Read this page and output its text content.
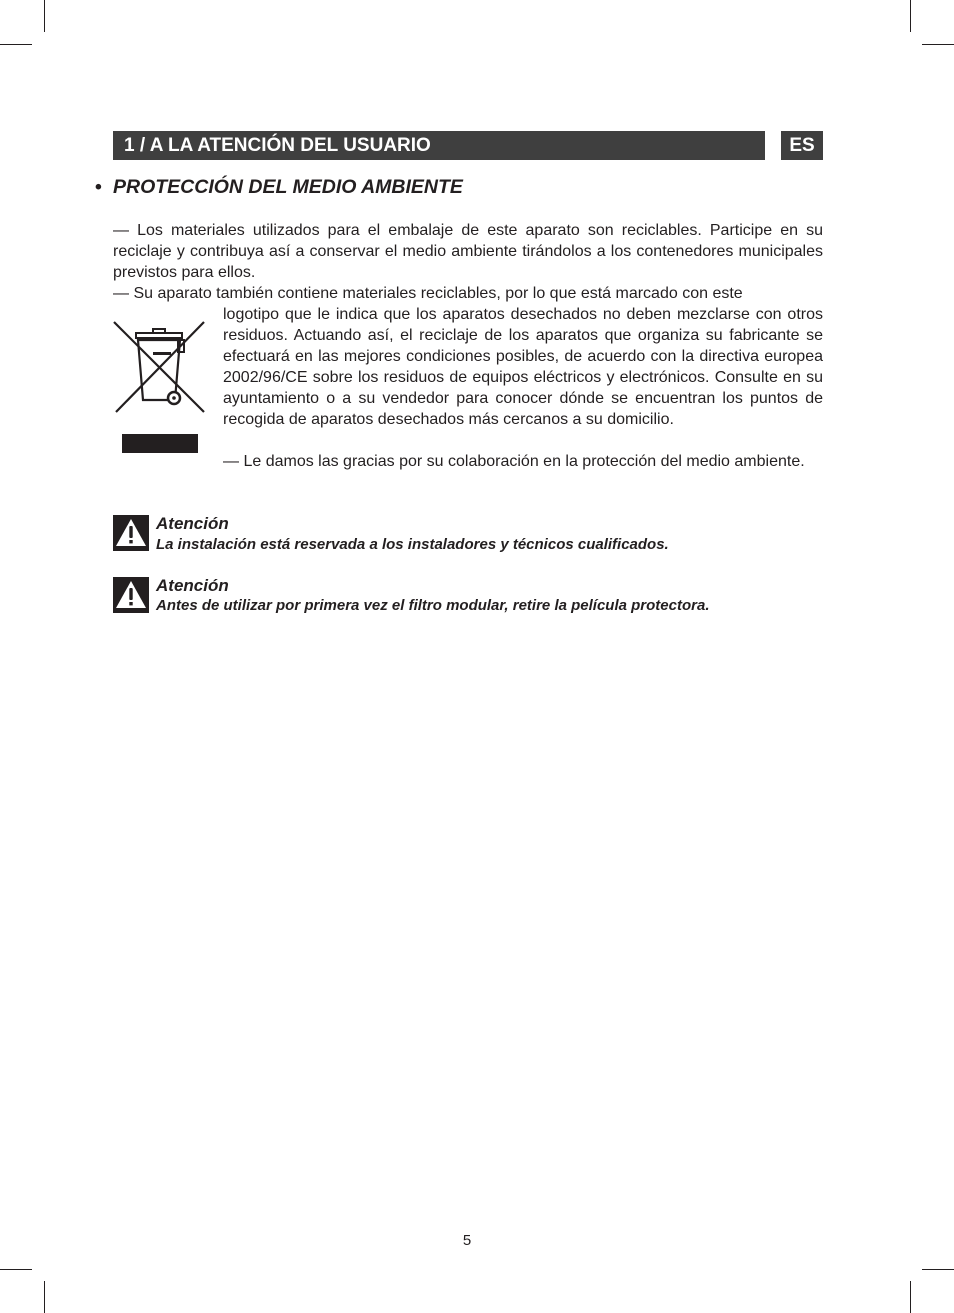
1 / A LA ATENCIÓN DEL USUARIO	ES
• PROTECCIÓN DEL MEDIO AMBIENTE

— Los materiales utilizados para el embalaje de este aparato son reciclables. Participe en su reciclaje y contribuya así a conservar el medio ambiente tirándolos a los contenedores municipales previstos para ellos.

— Su aparato también contiene materiales reciclables, por lo que está marcado con este

logotipo que le indica que los aparatos desechados no deben mezclarse con otros residuos. Actuando así, el reciclaje de los aparatos que organiza su fabricante se efectuará en las mejores condiciones posibles, de acuerdo con la directiva europea 2002/96/CE sobre los residuos de equipos eléctricos y electrónicos. Consulte en su ayuntamiento o a su vendedor para conocer dónde se encuentran los puntos de recogida de aparatos desechados más cercanos a su domicilio.

— Le damos las gracias por su colaboración en la protección del medio ambiente.

Atención
La instalación está reservada a los instaladores y técnicos cualificados.
Atención
Antes de utilizar por primera vez el filtro modular, retire la película protectora.
5
